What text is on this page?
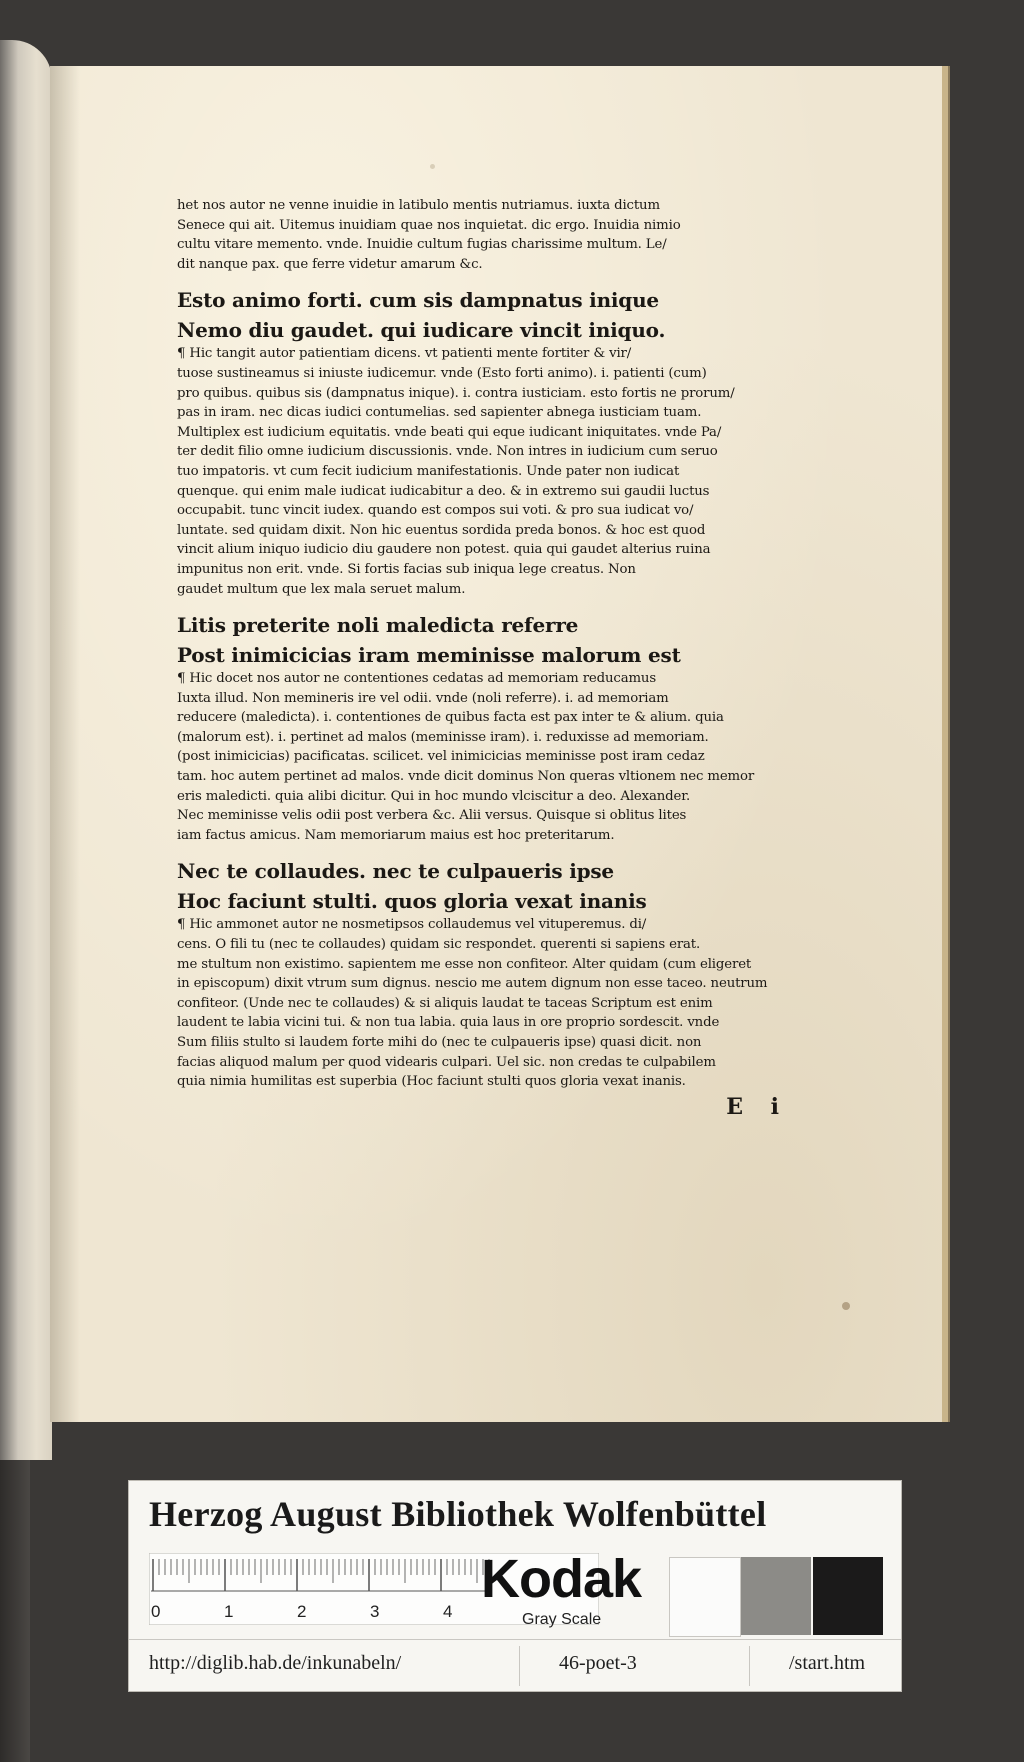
het nos autor ne venne inuidie in latibulo mentis nutriamus. iuxta dictum
Senece qui ait. Uitemus inuidiam quae nos inquietat. dic ergo. Inuidia nimio
cultu vitare memento. vnde. Inuidie cultum fugias charissime multum. Le/
dit nanque pax. que ferre videtur amarum &c.

Esto animo forti. cum sis dampnatus inique

Nemo diu gaudet. qui iudicare vincit iniquo.

¶ Hic tangit autor patientiam dicens. vt patienti mente fortiter & vir/
tuose sustineamus si iniuste iudicemur. vnde (Esto forti animo). i. patienti (cum)
pro quibus. quibus sis (dampnatus inique). i. contra iusticiam. esto fortis ne prorum/
pas in iram. nec dicas iudici contumelias. sed sapienter abnega iusticiam tuam.
Multiplex est iudicium equitatis. vnde beati qui eque iudicant iniquitates. vnde Pa/
ter dedit filio omne iudicium discussionis. vnde. Non intres in iudicium cum seruo
tuo impatoris. vt cum fecit iudicium manifestationis. Unde pater non iudicat
quenque. qui enim male iudicat iudicabitur a deo. & in extremo sui gaudii luctus
occupabit. tunc vincit iudex. quando est compos sui voti. & pro sua iudicat vo/
luntate. sed quidam dixit. Non hic euentus sordida preda bonos. & hoc est quod
vincit alium iniquo iudicio diu gaudere non potest. quia qui gaudet alterius ruina
impunitus non erit. vnde. Si fortis facias sub iniqua lege creatus. Non
gaudet multum que lex mala seruet malum.

Litis preterite noli maledicta referre

Post inimicicias iram meminisse malorum est

¶ Hic docet nos autor ne contentiones cedatas ad memoriam reducamus
Iuxta illud. Non memineris ire vel odii. vnde (noli referre). i. ad memoriam
reducere (maledicta). i. contentiones de quibus facta est pax inter te & alium. quia
(malorum est). i. pertinet ad malos (meminisse iram). i. reduxisse ad memoriam.
(post inimicicias) pacificatas. scilicet. vel inimicicias meminisse post iram cedaz
tam. hoc autem pertinet ad malos. vnde dicit dominus Non queras vltionem nec memor
eris maledicti. quia alibi dicitur. Qui in hoc mundo vlciscitur a deo. Alexander.
Nec meminisse velis odii post verbera &c. Alii versus. Quisque si oblitus lites
iam factus amicus. Nam memoriarum maius est hoc preteritarum.

Nec te collaudes. nec te culpaueris ipse

Hoc faciunt stulti. quos gloria vexat inanis

¶ Hic ammonet autor ne nosmetipsos collaudemus vel vituperemus. di/
cens. O fili tu (nec te collaudes) quidam sic respondet. querenti si sapiens erat.
me stultum non existimo. sapientem me esse non confiteor. Alter quidam (cum eligeret
in episcopum) dixit vtrum sum dignus. nescio me autem dignum non esse taceo. neutrum
confiteor. (Unde nec te collaudes) & si aliquis laudat te taceas Scriptum est enim
laudent te labia vicini tui. & non tua labia. quia laus in ore proprio sordescit. vnde
Sum filiis stulto si laudem forte mihi do (nec te culpaueris ipse) quasi dicit. non
facias aliquod malum per quod videaris culpari. Uel sic. non credas te culpabilem
quia nimia humilitas est superbia (Hoc faciunt stulti quos gloria vexat inanis.

E i
Herzog August Bibliothek Wolfenbüttel
0	1	2	3	4
Kodak
Gray Scale
http://diglib.hab.de/inkunabeln/	46-poet-3	/start.htm
